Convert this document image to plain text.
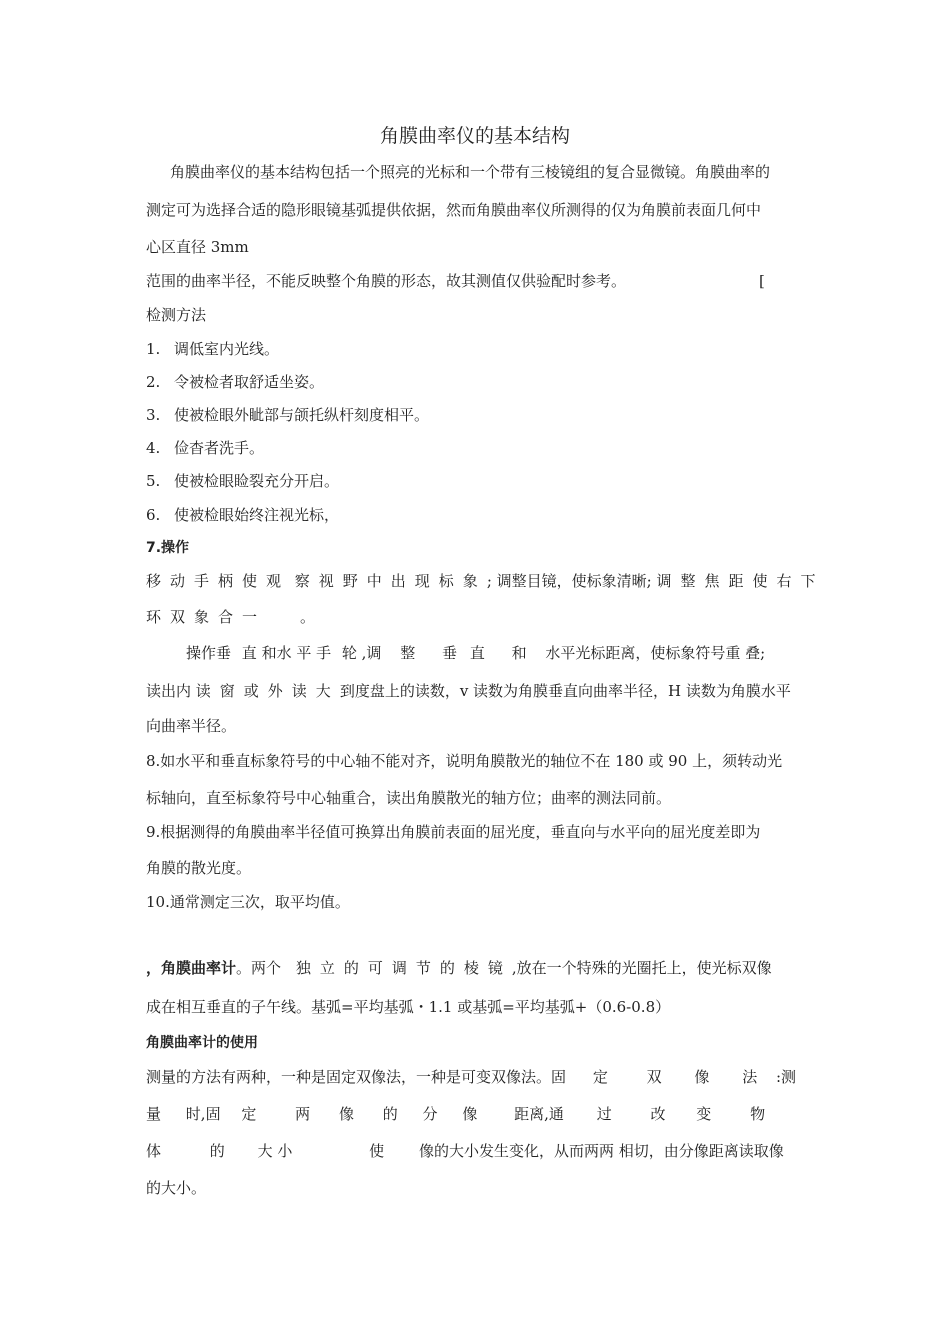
角膜曲率仪的基本结构
角膜曲率仪的基本结构包括一个照亮的光标和一个带有三棱镜组的复合显微镜。角膜曲率的
测定可为选择合适的隐形眼镜基弧提供依据，然而角膜曲率仪所测得的仅为角膜前表面几何中
心区直径 3mm
范围的曲率半径，不能反映整个角膜的形态，故其测值仅供验配时参考。	[
检测方法
1. 调低室内光线。
2. 令被检者取舒适坐姿。
3. 使被检眼外眦部与颌托纵杆刻度相平。
4. 俭杳者洗手。
5. 使被检眼睑裂充分开启。
6. 使被检眼始终注视光标，
7.操作
移动手柄使观 察视野中出现标象; 调整目镜，使标象清晰; 调整焦距使右下
环双象合一 。
操作垂 直 和水 平 手 轮 ,调 整 垂 直 和 水平光标距离，使标象符号重 叠;
读出内 读窗或外读大到度盘上的读数，v 读数为角膜垂直向曲率半径，H 读数为角膜水平
向曲率半径。
8.如水平和垂直标象符号的中心轴不能对齐，说明角膜散光的轴位不在 180 或 90 上，须转动光
标轴向，直至标象符号中心轴重合，读出角膜散光的轴方位；曲率的测法同前。
9.根据测得的角膜曲率半径值可换算出角膜前表面的屈光度，垂直向与水平向的屈光度差即为
角膜的散光度。
10.通常测定三次，取平均值。
，角膜曲率计。两个 独立的可调节的棱镜,放在一个特殊的光圈托上，使光标双像
成在相互垂直的子午线。基弧=平均基弧・1.1 或基弧=平均基弧+（0.6-0.8）
角膜曲率计的使用
测量的方法有两种，一种是固定双像法，一种是可变双像法。固 定	双 像 法 :测
量 时,固 定	两 像 的 分 像 距离,通 过	改 变	物
体	的 大 小	使 像的大小发生变化，从而两两 相切，由分像距离读取像
的大小。
